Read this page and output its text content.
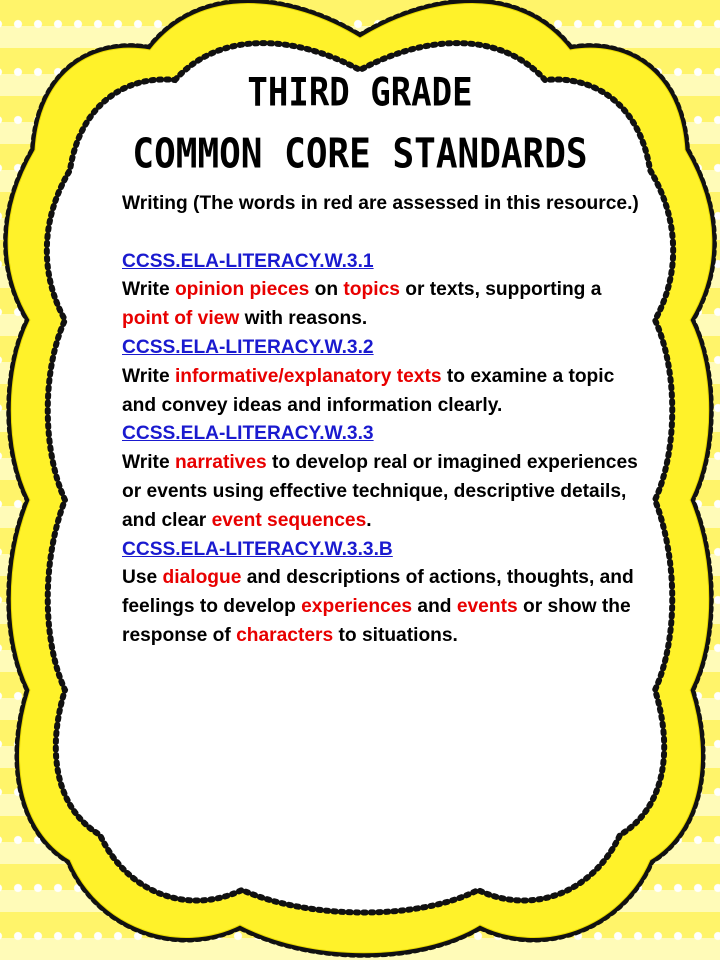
THIRD GRADE
COMMON CORE STANDARDS

Writing (The words in red are assessed in this resource.)

CCSS.ELA-LITERACY.W.3.1

Write opinion pieces on topics or texts, supporting a point of view with reasons.

CCSS.ELA-LITERACY.W.3.2

Write informative/explanatory texts to examine a topic and convey ideas and information clearly.

CCSS.ELA-LITERACY.W.3.3

Write narratives to develop real or imagined experiences or events using effective technique, descriptive details, and clear event sequences.

CCSS.ELA-LITERACY.W.3.3.B

Use dialogue and descriptions of actions, thoughts, and feelings to develop experiences and events or show the response of characters to situations.
